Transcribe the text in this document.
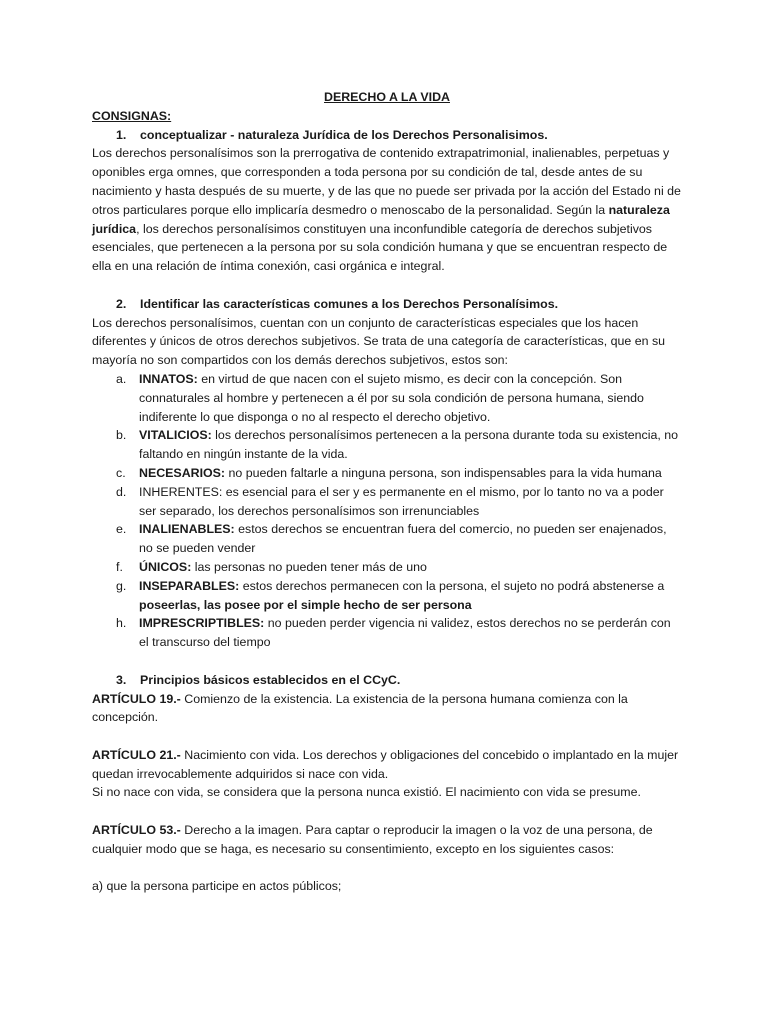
DERECHO A LA VIDA

CONSIGNAS:

1.	conceptualizar - naturaleza Jurídica de los Derechos Personalisimos.

Los derechos personalísimos son la prerrogativa de contenido extrapatrimonial, inalienables, perpetuas y oponibles erga omnes, que corresponden a toda persona por su condición de tal, desde antes de su nacimiento y hasta después de su muerte, y de las que no puede ser privada por la acción del Estado ni de otros particulares porque ello implicaría desmedro o menoscabo de la personalidad. Según la naturaleza jurídica, los derechos personalísimos constituyen una inconfundible categoría de derechos subjetivos esenciales, que pertenecen a la persona por su sola condición humana y que se encuentran respecto de ella en una relación de íntima conexión, casi orgánica e integral.

2.	Identificar las características comunes a los Derechos Personalísimos.

Los derechos personalísimos, cuentan con un conjunto de características especiales que los hacen diferentes y únicos de otros derechos subjetivos. Se trata de una categoría de características, que en su mayoría no son compartidos con los demás derechos subjetivos, estos son:

a.	INNATOS: en virtud de que nacen con el sujeto mismo, es decir con la concepción. Son connaturales al hombre y pertenecen a él por su sola condición de persona humana, siendo indiferente lo que disponga o no al respecto el derecho objetivo.
b.	VITALICIOS: los derechos personalísimos pertenecen a la persona durante toda su existencia, no faltando en ningún instante de la vida.
c.	NECESARIOS: no pueden faltarle a ninguna persona, son indispensables para la vida humana
d.	INHERENTES: es esencial para el ser y es permanente en el mismo, por lo tanto no va a poder ser separado, los derechos personalísimos son irrenunciables
e.	INALIENABLES: estos derechos se encuentran fuera del comercio, no pueden ser enajenados, no se pueden vender
f.	ÚNICOS: las personas no pueden tener más de uno
g.	INSEPARABLES: estos derechos permanecen con la persona, el sujeto no podrá abstenerse a poseerlas, las posee por el simple hecho de ser persona
h.	IMPRESCRIPTIBLES: no pueden perder vigencia ni validez, estos derechos no se perderán con el transcurso del tiempo

3.	Principios básicos establecidos en el CCyC.

ARTÍCULO 19.- Comienzo de la existencia. La existencia de la persona humana comienza con la concepción.

ARTÍCULO 21.- Nacimiento con vida. Los derechos y obligaciones del concebido o implantado en la mujer quedan irrevocablemente adquiridos si nace con vida.

Si no nace con vida, se considera que la persona nunca existió. El nacimiento con vida se presume.

ARTÍCULO 53.- Derecho a la imagen. Para captar o reproducir la imagen o la voz de una persona, de cualquier modo que se haga, es necesario su consentimiento, excepto en los siguientes casos:

a) que la persona participe en actos públicos;
